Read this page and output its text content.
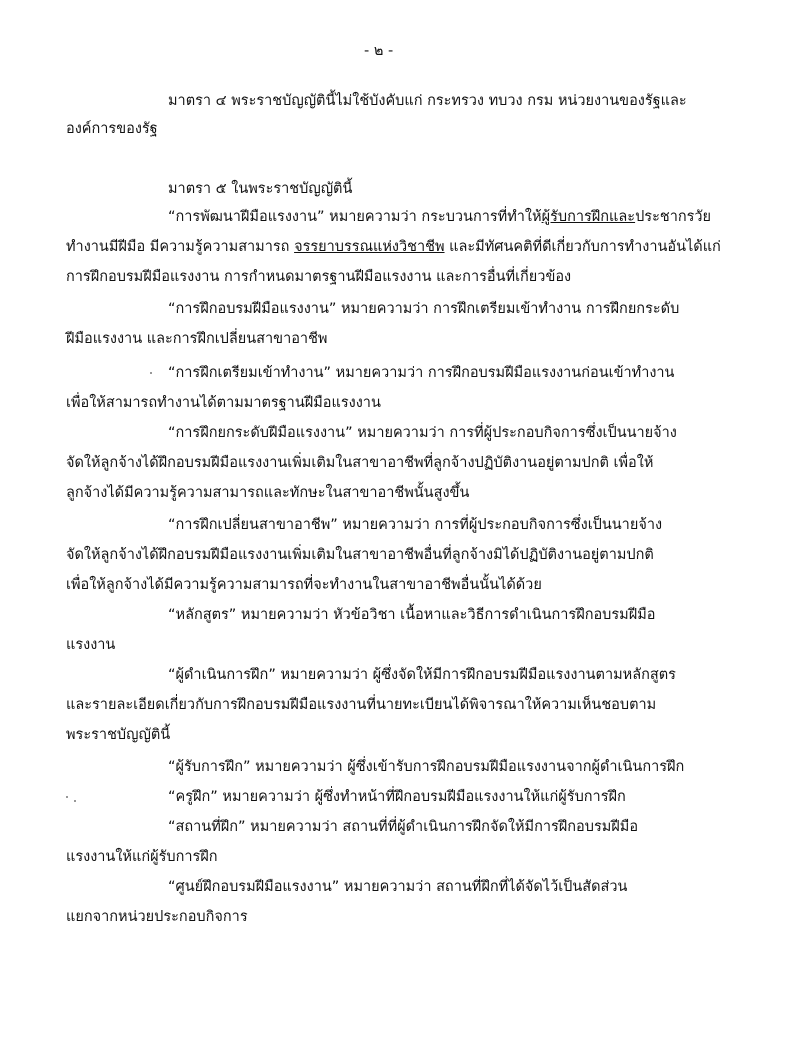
- ๒ -
มาตรา ๔ พระราชบัญญัตินี้ไม่ใช้บังคับแก่ กระทรวง ทบวง กรม หน่วยงานของรัฐและ
องค์การของรัฐ
มาตรา ๕ ในพระราชบัญญัตินี้
“การพัฒนาฝีมือแรงงาน” หมายความว่า กระบวนการที่ทำให้ผู้รับการฝึกและประชากรวัย
ทำงานมีฝีมือ มีความรู้ความสามารถ จรรยาบรรณแห่งวิชาชีพ และมีทัศนคติที่ดีเกี่ยวกับการทำงานอันได้แก่
การฝึกอบรมฝีมือแรงงาน การกำหนดมาตรฐานฝีมือแรงงาน และการอื่นที่เกี่ยวข้อง
“การฝึกอบรมฝีมือแรงงาน” หมายความว่า การฝึกเตรียมเข้าทำงาน การฝึกยกระดับ
ฝีมือแรงงาน และการฝึกเปลี่ยนสาขาอาชีพ
“การฝึกเตรียมเข้าทำงาน” หมายความว่า การฝึกอบรมฝีมือแรงงานก่อนเข้าทำงาน
เพื่อให้สามารถทำงานได้ตามมาตรฐานฝีมือแรงงาน
“การฝึกยกระดับฝีมือแรงงาน” หมายความว่า การที่ผู้ประกอบกิจการซึ่งเป็นนายจ้าง
จัดให้ลูกจ้างได้ฝึกอบรมฝีมือแรงงานเพิ่มเติมในสาขาอาชีพที่ลูกจ้างปฏิบัติงานอยู่ตามปกติ เพื่อให้
ลูกจ้างได้มีความรู้ความสามารถและทักษะในสาขาอาชีพนั้นสูงขึ้น
“การฝึกเปลี่ยนสาขาอาชีพ” หมายความว่า การที่ผู้ประกอบกิจการซึ่งเป็นนายจ้าง
จัดให้ลูกจ้างได้ฝึกอบรมฝีมือแรงงานเพิ่มเติมในสาขาอาชีพอื่นที่ลูกจ้างมิได้ปฏิบัติงานอยู่ตามปกติ
เพื่อให้ลูกจ้างได้มีความรู้ความสามารถที่จะทำงานในสาขาอาชีพอื่นนั้นได้ด้วย
“หลักสูตร” หมายความว่า หัวข้อวิชา เนื้อหาและวิธีการดำเนินการฝึกอบรมฝีมือ
แรงงาน
“ผู้ดำเนินการฝึก” หมายความว่า ผู้ซึ่งจัดให้มีการฝึกอบรมฝีมือแรงงานตามหลักสูตร
และรายละเอียดเกี่ยวกับการฝึกอบรมฝีมือแรงงานที่นายทะเบียนได้พิจารณาให้ความเห็นชอบตาม
พระราชบัญญัตินี้
“ผู้รับการฝึก” หมายความว่า ผู้ซึ่งเข้ารับการฝึกอบรมฝีมือแรงงานจากผู้ดำเนินการฝึก
“ครูฝึก” หมายความว่า ผู้ซึ่งทำหน้าที่ฝึกอบรมฝีมือแรงงานให้แก่ผู้รับการฝึก
“สถานที่ฝึก” หมายความว่า สถานที่ที่ผู้ดำเนินการฝึกจัดให้มีการฝึกอบรมฝีมือ
แรงงานให้แก่ผู้รับการฝึก
“ศูนย์ฝึกอบรมฝีมือแรงงาน” หมายความว่า สถานที่ฝึกที่ได้จัดไว้เป็นสัดส่วน
แยกจากหน่วยประกอบกิจการ
